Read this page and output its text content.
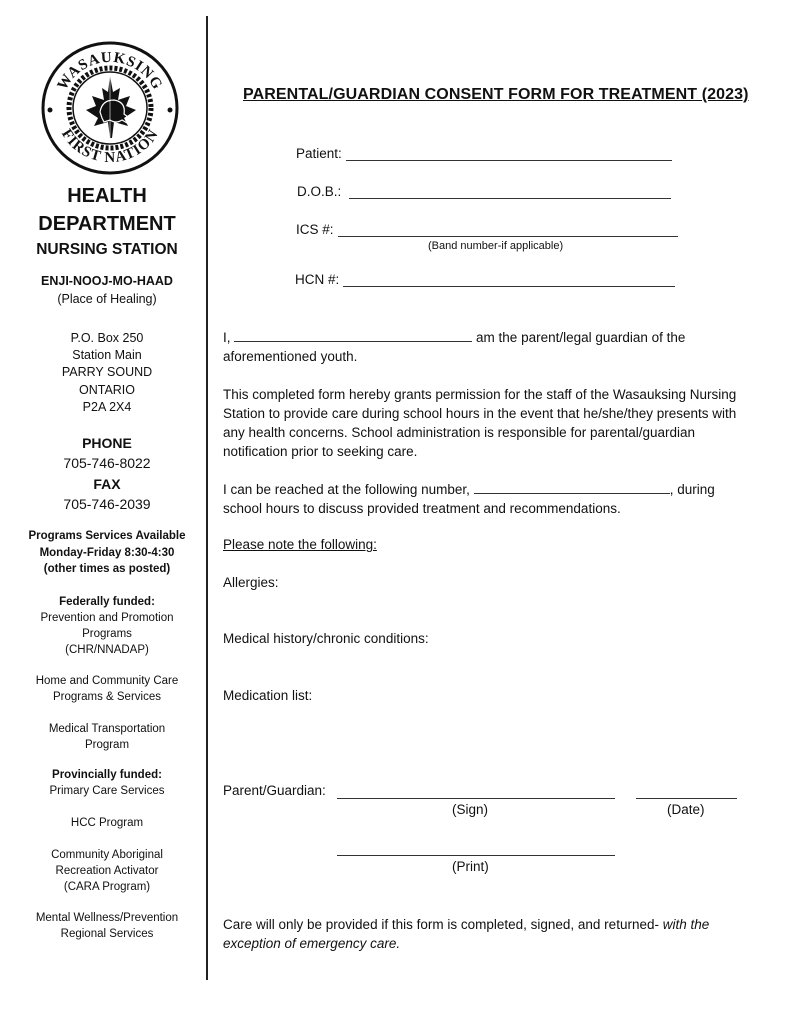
WASAUKSING
FIRST NATION
HEALTH
DEPARTMENT
NURSING STATION
ENJI-NOOJ-MO-HAAD
(Place of Healing)
P.O. Box 250
Station Main
PARRY SOUND
ONTARIO
P2A 2X4
PHONE
705-746-8022
FAX
705-746-2039
Programs Services Available
Monday-Friday 8:30-4:30
(other times as posted)
Federally funded:
Prevention and Promotion
Programs
(CHR/NNADAP)
Home and Community Care
Programs & Services
Medical Transportation
Program
Provincially funded:
Primary Care Services
HCC Program
Community Aboriginal
Recreation Activator
(CARA Program)
Mental Wellness/Prevention
Regional Services
PARENTAL/GUARDIAN CONSENT FORM FOR TREATMENT (2023)
Patient:
D.O.B.:
ICS #:
(Band number-if applicable)
HCN #:
I,	am the parent/legal guardian of the
aforementioned youth.
This completed form hereby grants permission for the staff of the Wasauksing Nursing Station to provide care during school hours in the event that he/she/they presents with any health concerns. School administration is responsible for parental/guardian notification prior to seeking care.
I can be reached at the following number,	, during
school hours to discuss provided treatment and recommendations.
Please note the following:
Allergies:
Medical history/chronic conditions:
Medication list:
Parent/Guardian:
(Sign)	(Date)
(Print)
Care will only be provided if this form is completed, signed, and returned- with the
exception of emergency care.
